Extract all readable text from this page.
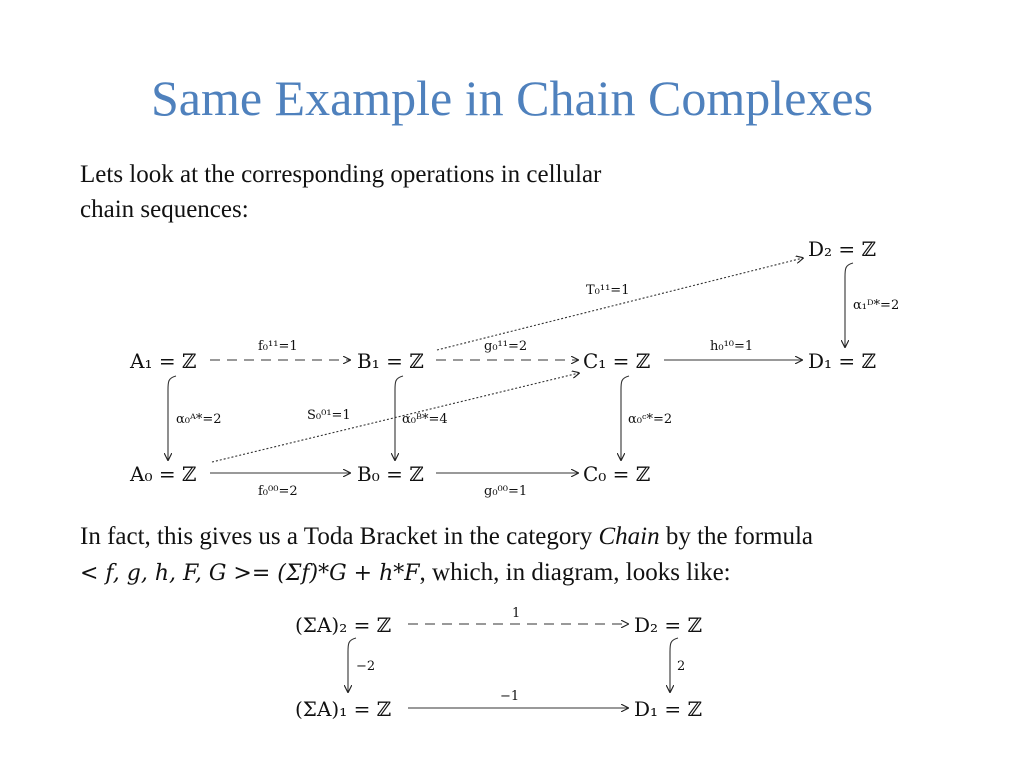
Same Example in Chain Complexes
Lets look at the corresponding operations in cellular
chain sequences:
In fact, this gives us a Toda Bracket in the category Chain by the formula
< f, g, h, F, G >= (Σf)*G + h*F, which, in diagram, looks like:
D₂ = ℤ
A₁ = ℤ	B₁ = ℤ	C₁ = ℤ	D₁ = ℤ
A₀ = ℤ	B₀ = ℤ	C₀ = ℤ
T₀¹¹=1
α₁ᴰ*=2
f₀¹¹=1	g₀¹¹=2	h₀¹⁰=1
α₀ᴬ*=2	S₀⁰¹=1	α₀ᴮ*=4	α₀ᶜ*=2
f₀⁰⁰=2	g₀⁰⁰=1
(ΣA)₂ = ℤ	D₂ = ℤ
(ΣA)₁ = ℤ	D₁ = ℤ
1
−2	2
−1
